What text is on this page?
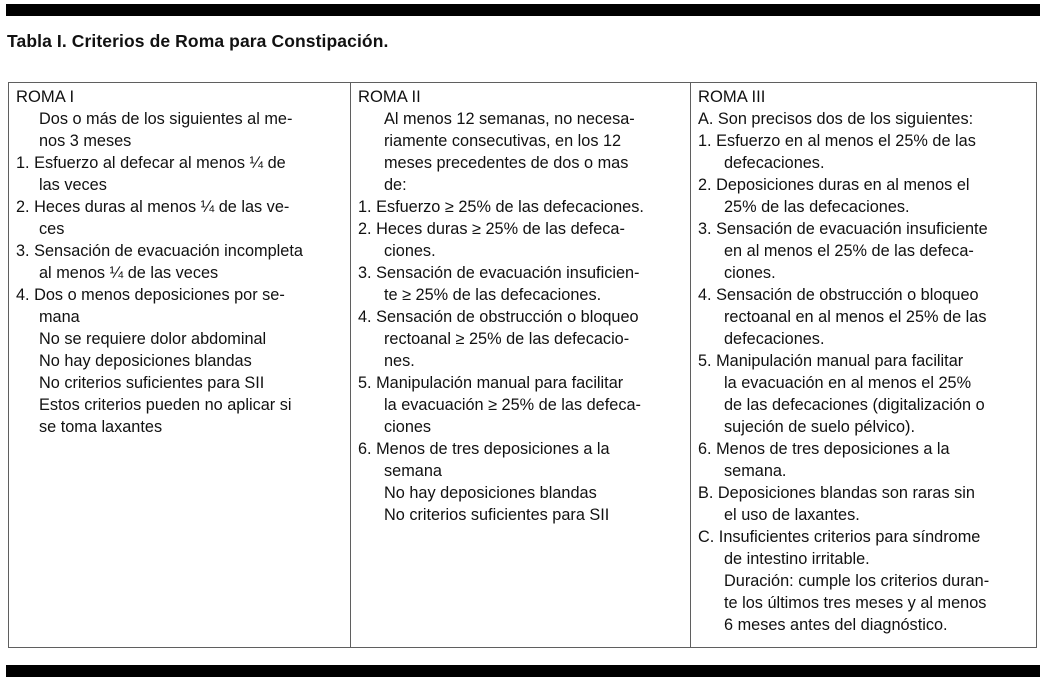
Tabla I. Criterios de Roma para Constipación.
ROMA I
Dos o más de los siguientes al me-
nos 3 meses
1. Esfuerzo al defecar al menos ¼ de
las veces
2. Heces duras al menos ¼ de las ve-
ces
3. Sensación de evacuación incompleta
al menos ¼ de las veces
4. Dos o menos deposiciones por se-
mana
No se requiere dolor abdominal
No hay deposiciones blandas
No criterios suficientes para SII
Estos criterios pueden no aplicar si
se toma laxantes
ROMA II
Al menos 12 semanas, no necesa-
riamente consecutivas, en los 12
meses precedentes de dos o mas
de:
1. Esfuerzo ≥ 25% de las defecaciones.
2. Heces duras ≥ 25% de las defeca-
ciones.
3. Sensación de evacuación insuficien-
te ≥ 25% de las defecaciones.
4. Sensación de obstrucción o bloqueo
rectoanal ≥ 25% de las defecacio-
nes.
5. Manipulación manual para facilitar
la evacuación ≥ 25% de las defeca-
ciones
6. Menos de tres deposiciones a la
semana
No hay deposiciones blandas
No criterios suficientes para SII
ROMA III
A. Son precisos dos de los siguientes:
1. Esfuerzo en al menos el 25% de las
defecaciones.
2. Deposiciones duras en al menos el
25% de las defecaciones.
3. Sensación de evacuación insuficiente
en al menos el 25% de las defeca-
ciones.
4. Sensación de obstrucción o bloqueo
rectoanal en al menos el 25% de las
defecaciones.
5. Manipulación manual para facilitar
la evacuación en al menos el 25%
de las defecaciones (digitalización o
sujeción de suelo pélvico).
6. Menos de tres deposiciones a la
semana.
B. Deposiciones blandas son raras sin
el uso de laxantes.
C. Insuficientes criterios para síndrome
de intestino irritable.
Duración: cumple los criterios duran-
te los últimos tres meses y al menos
6 meses antes del diagnóstico.
